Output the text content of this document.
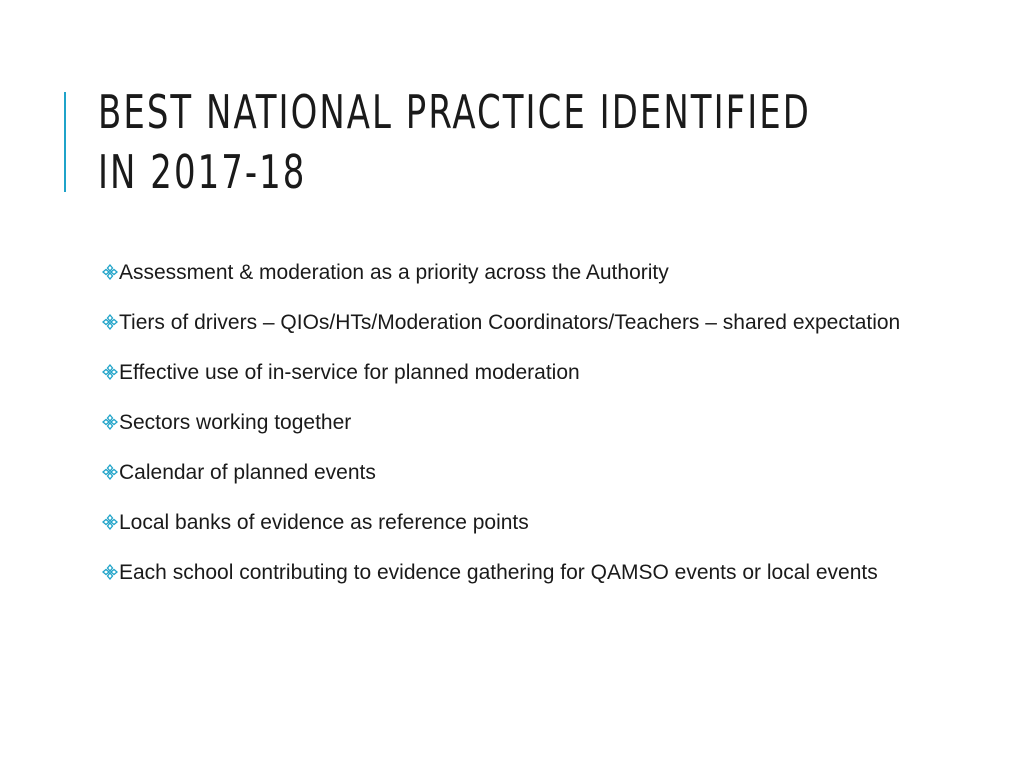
BEST NATIONAL PRACTICE IDENTIFIED IN 2017-18
Assessment & moderation as a priority across the Authority
Tiers of drivers – QIOs/HTs/Moderation Coordinators/Teachers – shared expectation
Effective use of in-service for planned moderation
Sectors working together
Calendar of planned events
Local banks of evidence as reference points
Each school contributing to evidence gathering for QAMSO events or local events
